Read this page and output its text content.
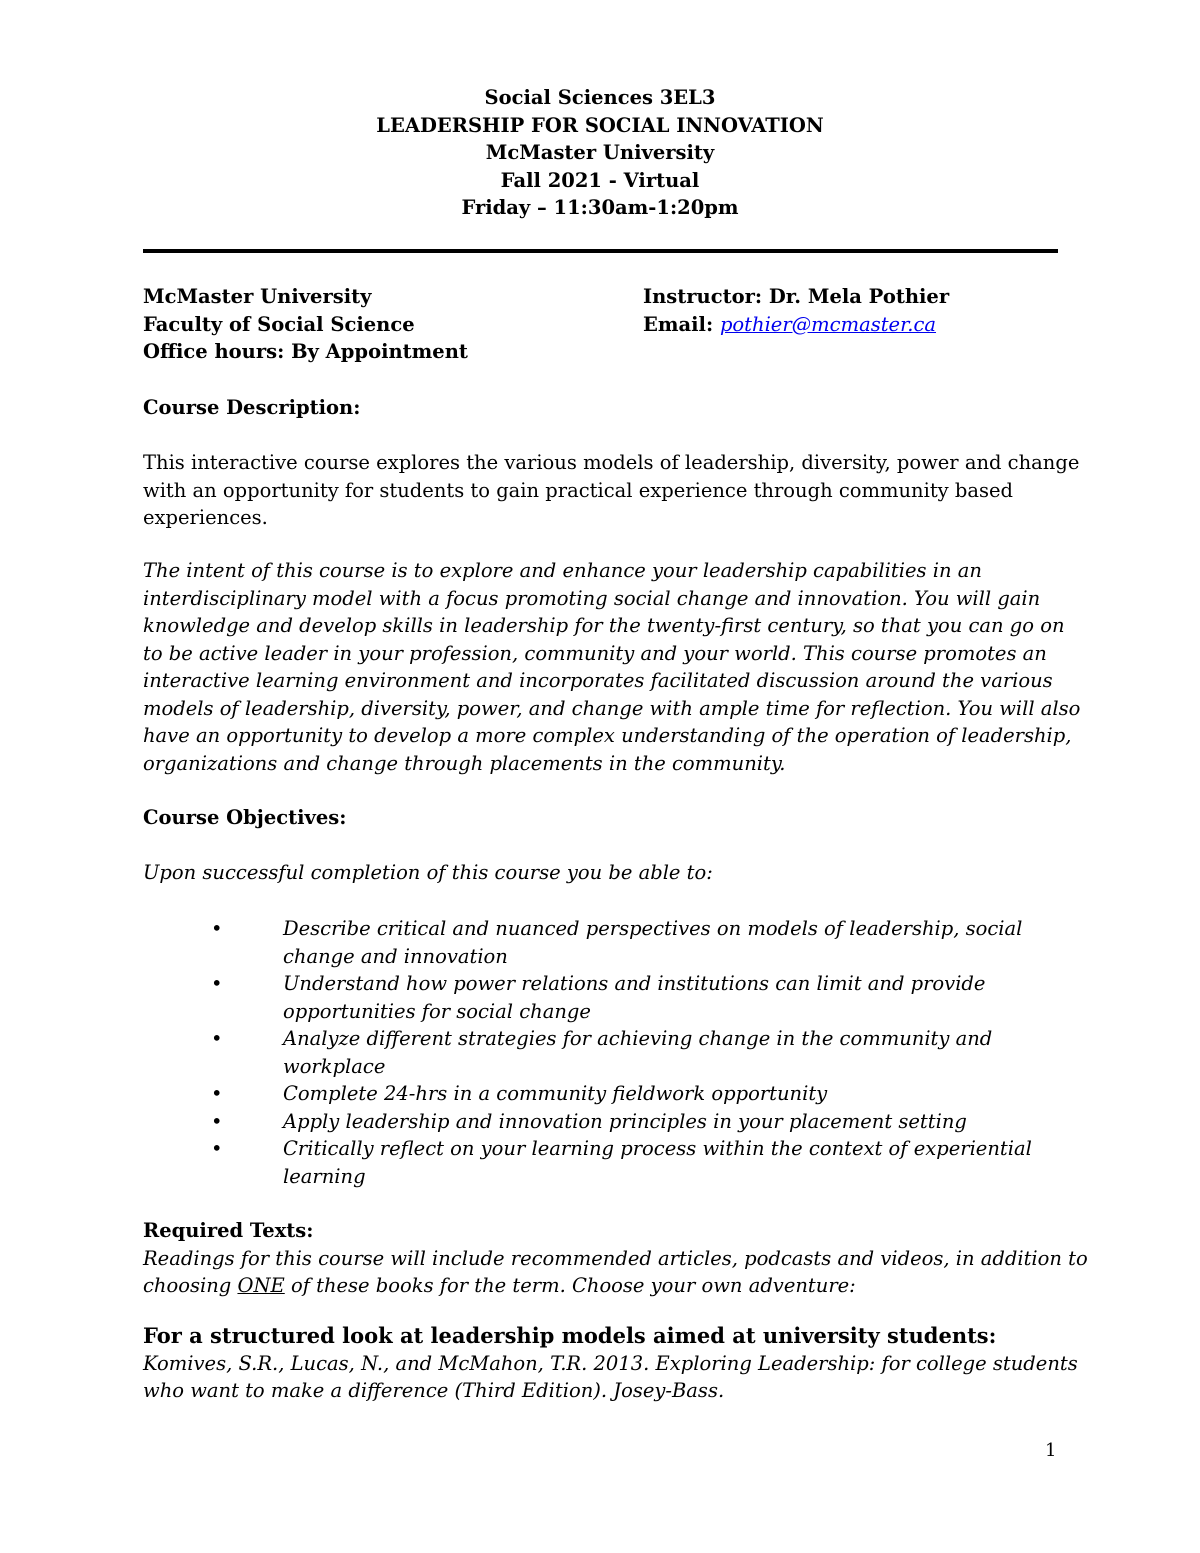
Social Sciences 3EL3
LEADERSHIP FOR SOCIAL INNOVATION
McMaster University
Fall 2021 - Virtual
Friday – 11:30am-1:20pm
McMaster University
Faculty of Social Science
Office hours: By Appointment
Instructor: Dr. Mela Pothier
Email: pothier@mcmaster.ca
Course Description:
This interactive course explores the various models of leadership, diversity, power and change
with an opportunity for students to gain practical experience through community based
experiences.
The intent of this course is to explore and enhance your leadership capabilities in an
interdisciplinary model with a focus promoting social change and innovation. You will gain
knowledge and develop skills in leadership for the twenty-first century, so that you can go on
to be active leader in your profession, community and your world. This course promotes an
interactive learning environment and incorporates facilitated discussion around the various
models of leadership, diversity, power, and change with ample time for reflection. You will also
have an opportunity to develop a more complex understanding of the operation of leadership,
organizations and change through placements in the community.
Course Objectives:
Upon successful completion of this course you be able to:
•	Describe critical and nuanced perspectives on models of leadership, social
change and innovation
•	Understand how power relations and institutions can limit and provide
opportunities for social change
•	Analyze different strategies for achieving change in the community and
workplace
•	Complete 24-hrs in a community fieldwork opportunity
•	Apply leadership and innovation principles in your placement setting
•	Critically reflect on your learning process within the context of experiential
learning
Required Texts:
Readings for this course will include recommended articles, podcasts and videos, in addition to
choosing ONE of these books for the term. Choose your own adventure:
For a structured look at leadership models aimed at university students:
Komives, S.R., Lucas, N., and McMahon, T.R. 2013. Exploring Leadership: for college students
who want to make a difference (Third Edition). Josey-Bass.
1
